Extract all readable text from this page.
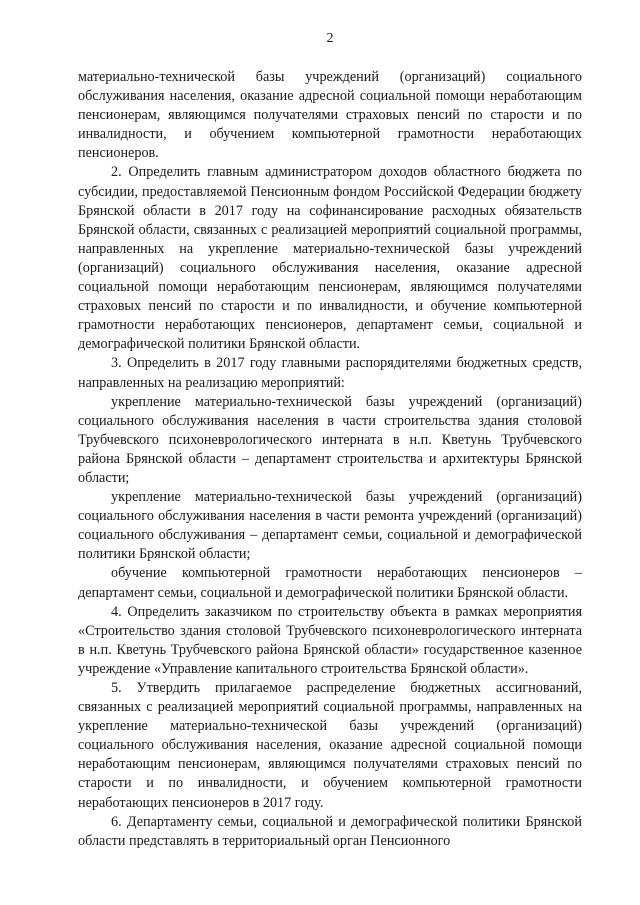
2

материально-технической базы учреждений (организаций) социального обслуживания населения, оказание адресной социальной помощи неработающим пенсионерам, являющимся получателями страховых пенсий по старости и по инвалидности, и обучением компьютерной грамотности неработающих пенсионеров.

2. Определить главным администратором доходов областного бюджета по субсидии, предоставляемой Пенсионным фондом Российской Федерации бюджету Брянской области в 2017 году на софинансирование расходных обязательств Брянской области, связанных с реализацией мероприятий социальной программы, направленных на укрепление материально-технической базы учреждений (организаций) социального обслуживания населения, оказание адресной социальной помощи неработающим пенсионерам, являющимся получателями страховых пенсий по старости и по инвалидности, и обучение компьютерной грамотности неработающих пенсионеров, департамент семьи, социальной и демографической политики Брянской области.

3. Определить в 2017 году главными распорядителями бюджетных средств, направленных на реализацию мероприятий:

укрепление материально-технической базы учреждений (организаций) социального обслуживания населения в части строительства здания столовой Трубчевского психоневрологического интерната в н.п. Кветунь Трубчевского района Брянской области – департамент строительства и архитектуры Брянской области;

укрепление материально-технической базы учреждений (организаций) социального обслуживания населения в части ремонта учреждений (организаций) социального обслуживания – департамент семьи, социальной и демографической политики Брянской области;

обучение компьютерной грамотности неработающих пенсионеров – департамент семьи, социальной и демографической политики Брянской области.

4. Определить заказчиком по строительству объекта в рамках мероприятия «Строительство здания столовой Трубчевского психоневрологического интерната в н.п. Кветунь Трубчевского района Брянской области» государственное казенное учреждение «Управление капитального строительства Брянской области».

5. Утвердить прилагаемое распределение бюджетных ассигнований, связанных с реализацией мероприятий социальной программы, направленных на укрепление материально-технической базы учреждений (организаций) социального обслуживания населения, оказание адресной социальной помощи неработающим пенсионерам, являющимся получателями страховых пенсий по старости и по инвалидности, и обучением компьютерной грамотности неработающих пенсионеров в 2017 году.

6. Департаменту семьи, социальной и демографической политики Брянской области представлять в территориальный орган Пенсионного
